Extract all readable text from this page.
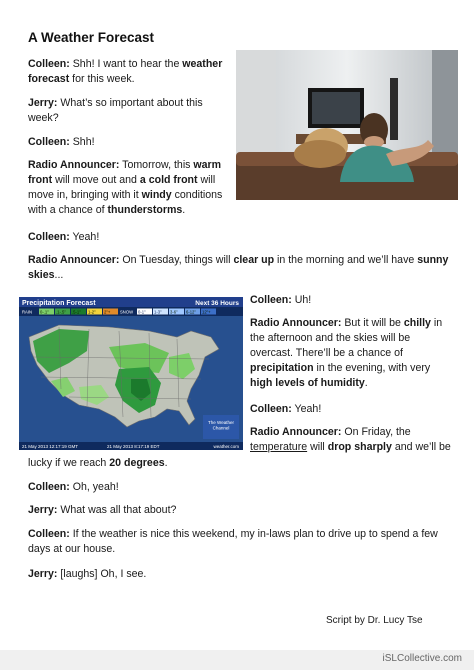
A Weather Forecast
Colleen: Shh! I want to hear the weather forecast for this week.
Jerry: What’s so important about this week?
Colleen: Shh!
Radio Announcer: Tomorrow, this warm front will move out and a cold front will move in, bringing with it windy conditions with a chance of thunderstorms.
Colleen: Yeah!
Radio Announcer: On Tuesday, things will clear up in the morning and we’ll have sunny skies...
Colleen: Uh!
Radio Announcer: But it will be chilly in the afternoon and the skies will be overcast. There’ll be a chance of precipitation in the evening, with very high levels of humidity.
Colleen: Yeah!
Radio Announcer: On Friday, the temperature will drop sharply and we’ll be
lucky if we reach 20 degrees.
Colleen: Oh, yeah!
Jerry: What was all that about?
Colleen: If the weather is nice this weekend, my in-laws plan to drive up to spend a few days at our house.
Jerry: [laughs] Oh, I see.
Precipitation Forecast	Next 36 Hours
RAIN 0-.1" .1-.5" .5-1" 1-2" 2"+ SNOW 0-1" 1-3" 3-6" 6-12" 12"+
The Weather Channel
21 May 2013 12:17:19 GMT	21 May 2013 8:17:19 EDT	weather.com
Script by Dr. Lucy Tse
iSLCollective.com
